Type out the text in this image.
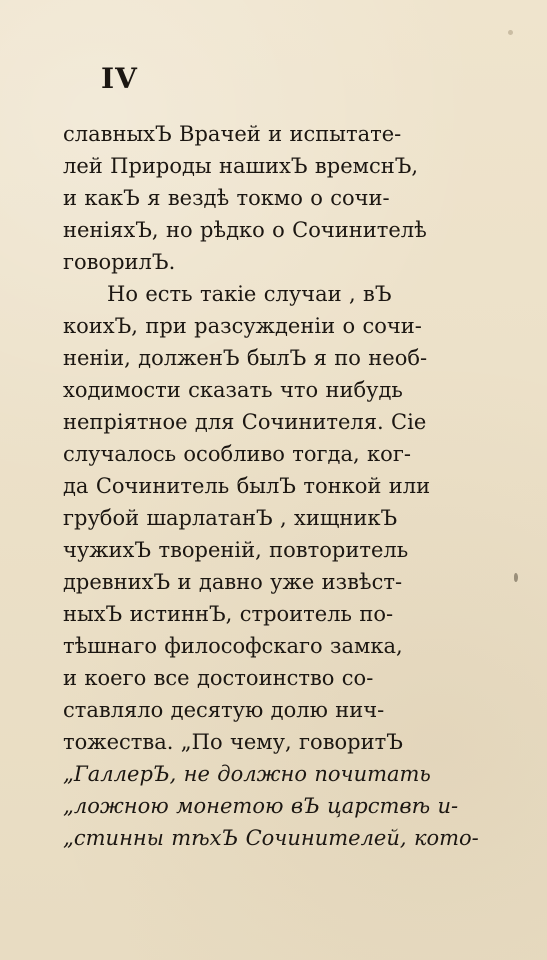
IV
славныхЪ Врачей и испытате-
лей Природы нашихЪ времснЪ,
и какЪ я вездѣ токмо о сочи-
неніяхЪ, но рѣдко о Сочинителѣ
говорилЪ.
Но есть такіе случаи , вЪ
коихЪ, при разсужденіи о сочи-
неніи, долженЪ былЪ я по необ-
ходимости сказать что нибудь
непріятное для Сочинителя. Сіе
случалось особливо тогда, ког-
да Сочинитель былЪ тонкой или
грубой шарлатанЪ , хищникЪ
чужихЪ твореній, повторитель
древнихЪ и давно уже извѣст-
ныхЪ истиннЪ, строитель по-
тѣшнаго философскаго замка,
и коего все достоинство со-
ставляло десятую долю нич-
тожества. „По чему, говоритЪ
„ГаллерЪ, не должно почитать
„ложною монетою вЪ царствѣ и-
„стинны тѣхЪ Сочинителей, кото-
